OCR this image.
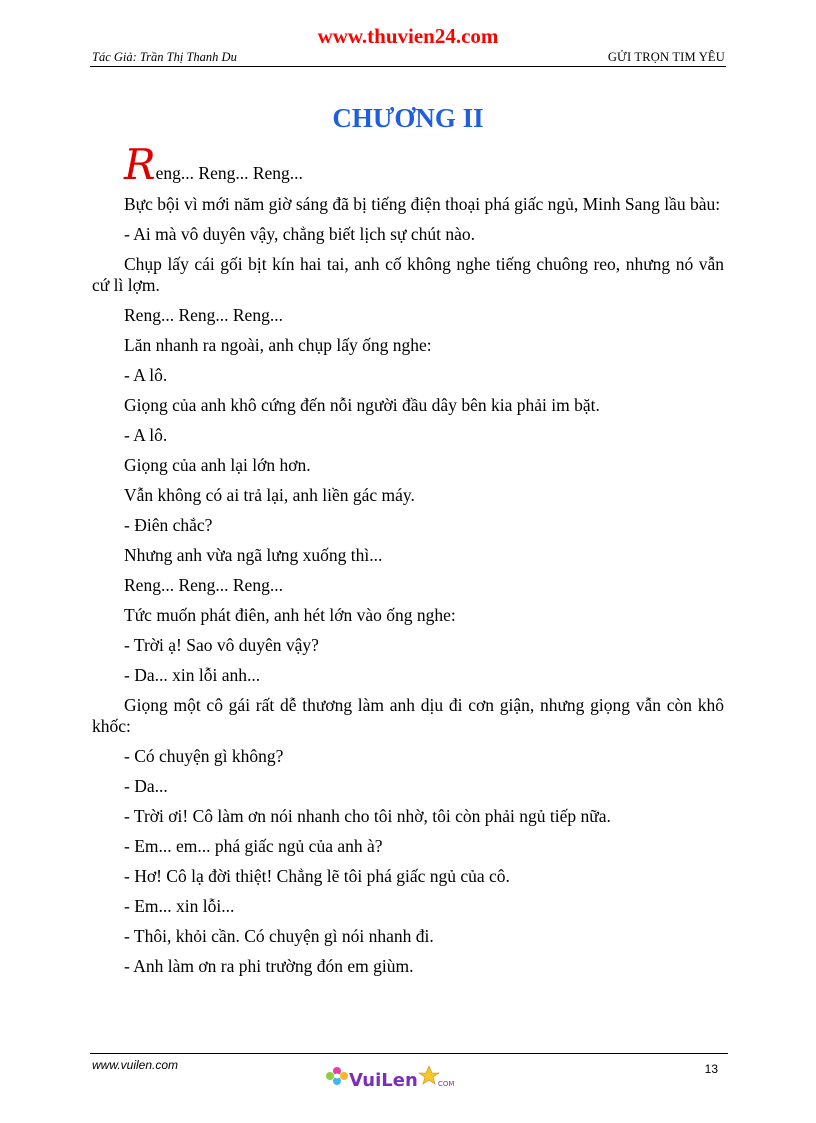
www.thuvien24.com
Tác Giả: Trần Thị Thanh Du	GỬI TRỌN TIM YÊU
CHƯƠNG II

Reng... Reng... Reng...

Bực bội vì mới năm giờ sáng đã bị tiếng điện thoại phá giấc ngủ, Minh Sang lầu bàu:

- Ai mà vô duyên vậy, chẳng biết lịch sự chút nào.

Chụp lấy cái gối bịt kín hai tai, anh cố không nghe tiếng chuông reo, nhưng nó vẫn cứ lì lợm.

Reng... Reng... Reng...

Lăn nhanh ra ngoài, anh chụp lấy ống nghe:

- A lô.

Giọng của anh khô cứng đến nỗi người đầu dây bên kia phải im bặt.

- A lô.

Giọng của anh lại lớn hơn.

Vẫn không có ai trả lại, anh liền gác máy.

- Điên chắc?

Nhưng anh vừa ngã lưng xuống thì...

Reng... Reng... Reng...

Tức muốn phát điên, anh hét lớn vào ống nghe:

- Trời ạ! Sao vô duyên vậy?

- Da... xin lỗi anh...

Giọng một cô gái rất dễ thương làm anh dịu đi cơn giận, nhưng giọng vẫn còn khô khốc:

- Có chuyện gì không?

- Da...

- Trời ơi! Cô làm ơn nói nhanh cho tôi nhờ, tôi còn phải ngủ tiếp nữa.

- Em... em... phá giấc ngủ của anh à?

- Hơ! Cô lạ đời thiệt! Chẳng lẽ tôi phá giấc ngủ của cô.

- Em... xin lỗi...

- Thôi, khỏi cần. Có chuyện gì nói nhanh đi.

- Anh làm ơn ra phi trường đón em giùm.

www.vuilen.com
VuiLen	COM
13
